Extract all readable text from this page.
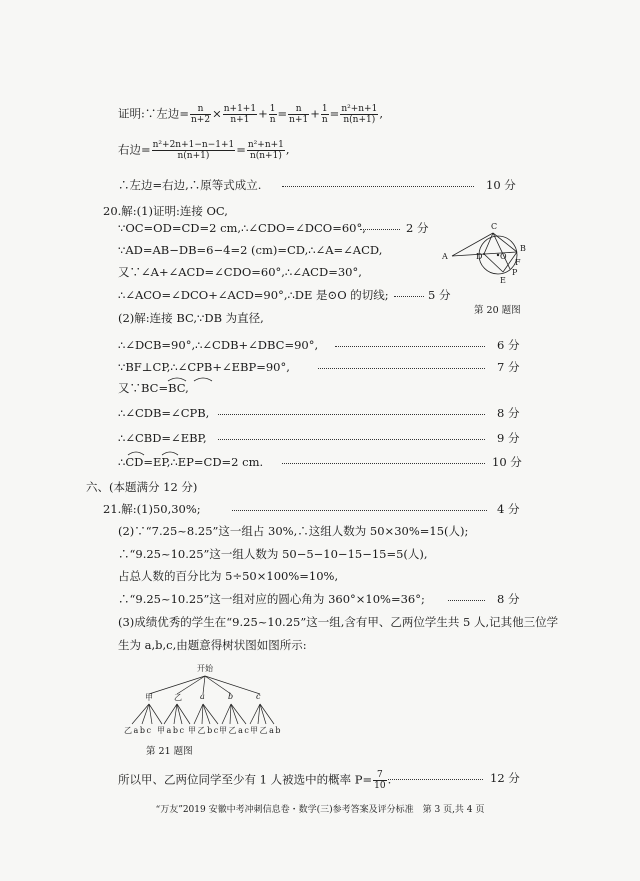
证明:∵左边= $\frac{n}{n+2} \times \frac{n+1+1}{n+1} + \frac{1}{n} = \frac{n}{n+1} + \frac{1}{n} = \frac{\text{n²+n+1}}{n(n+1)}$ ,
右边= $\frac{\text{n²+2n+1−n−1+1}}{n(n+1)} = \frac{\text{n²+n+1}}{n(n+1)}$ ,
∴左边=右边,∴原等式成立.	10 分
20.解:(1)证明:连接 OC,
∵OC=OD=CD=2 cm,∴∠CDO=∠DCO=60°,	2 分
∵AD=AB−DB=6−4=2 (cm)=CD,∴∠A=∠ACD,
又∵∠A+∠ACD=∠CDO=60°,∴∠ACD=30°,
∴∠ACO=∠DCO+∠ACD=90°,∴DE 是⊙O 的切线;	5 分
(2)解:连接 BC,∵DB 为直径,
∴∠DCB=90°,∴∠CDB+∠DBC=90°,	6 分
∵BF⊥CP,∴∠CPB+∠EBP=90°,	7 分
又∵BC=BC,
∴∠CDB=∠CPB,	8 分
∴∠CBD=∠EBP,	9 分
∴CD=EP,∴EP=CD=2 cm.	10 分
C
A	D O
B
F
P
E
第 20 题图
六、(本题满分 12 分)
21.解:(1)50,30%;	4 分
(2)∵“7.25~8.25”这一组占 30%,∴这组人数为 50×30%=15(人);
∴“9.25~10.25”这一组人数为 50−5−10−15−15=5(人),
占总人数的百分比为 5÷50×100%=10%,
∴“9.25~10.25”这一组对应的圆心角为 360°×10%=36°;	8 分
(3)成绩优秀的学生在“9.25~10.25”这一组,含有甲、乙两位学生共 5 人,记其他三位学
生为 a,b,c,由题意得树状图如图所示:
开始
甲	乙 a	b	c
乙 a b c 甲 a b c 甲 乙 b c 甲 乙 a c 甲 乙 a b
第 21 题图
所以甲、乙两位同学至少有 1 人被选中的概率 $P= \frac{7}{10}$ .	12 分
“万友”2019 安徽中考冲刺信息卷・数学(三)参考答案及评分标准　第 3 页,共 4 页
